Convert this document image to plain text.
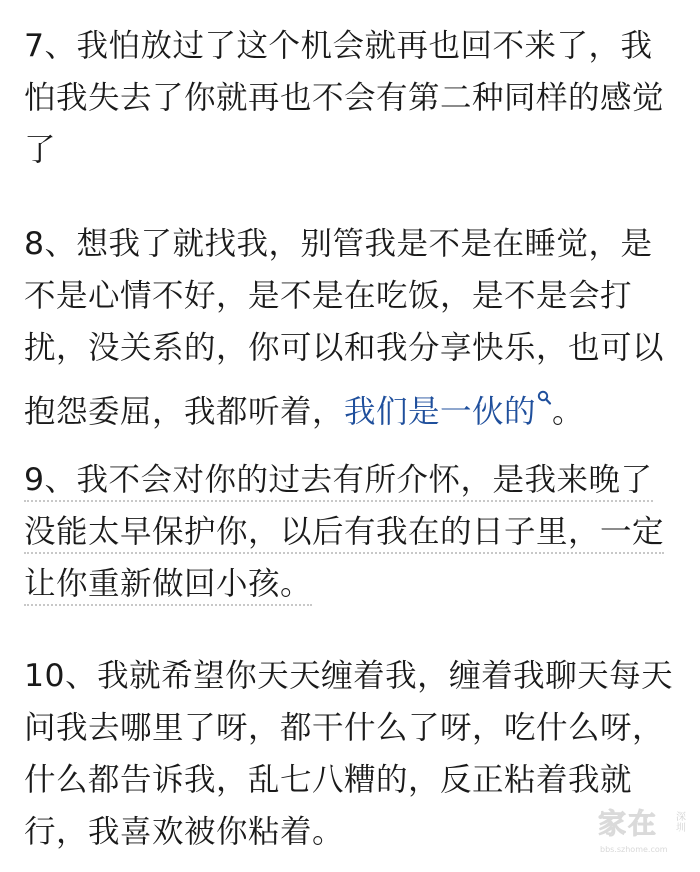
7、我怕放过了这个机会就再也回不来了，我
怕我失去了你就再也不会有第二种同样的感觉
了
8、想我了就找我，别管我是不是在睡觉，是
不是心情不好，是不是在吃饭，是不是会打
扰，没关系的，你可以和我分享快乐，也可以
抱怨委屈，我都听着，我们是一伙的 。
9、我不会对你的过去有所介怀，是我来晚了
没能太早保护你，以后有我在的日子里，一定
让你重新做回小孩。
10、我就希望你天天缠着我，缠着我聊天每天
问我去哪里了呀，都干什么了呀，吃什么呀，
什么都告诉我，乱七八糟的，反正粘着我就
行，我喜欢被你粘着。	家在 深圳
bbs.szhome.com
